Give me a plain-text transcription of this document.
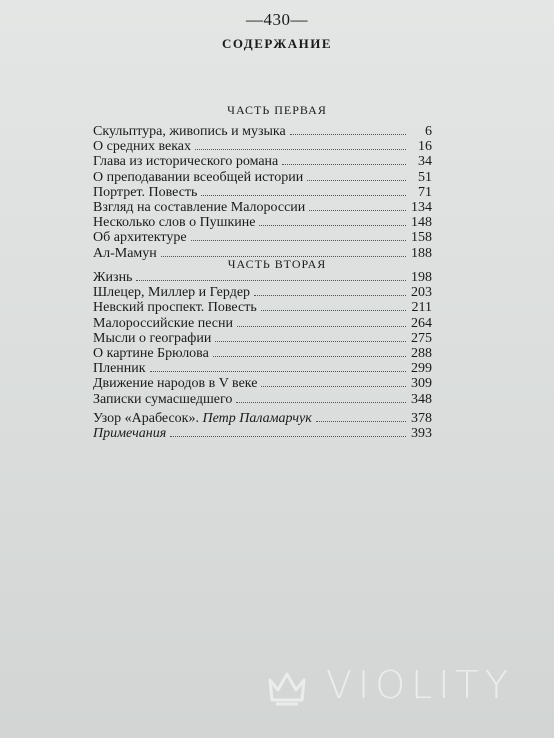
—430—
СОДЕРЖАНИЕ
ЧАСТЬ ПЕРВАЯ
Скульптура, живопись и музыка	6
О средних веках	16
Глава из исторического романа	34
О преподавании всеобщей истории	51
Портрет. Повесть	71
Взгляд на составление Малороссии	134
Несколько слов о Пушкине	148
Об архитектуре	158
Ал-Мамун	188
ЧАСТЬ ВТОРАЯ
Жизнь	198
Шлецер, Миллер и Гердер	203
Невский проспект. Повесть	211
Малороссийские песни	264
Мысли о географии	275
О картине Брюлова	288
Пленник	299
Движение народов в V веке	309
Записки сумасшедшего	348
Узор «Арабесок». Петр Паламарчук	378
Примечания	393
VIOLITY
